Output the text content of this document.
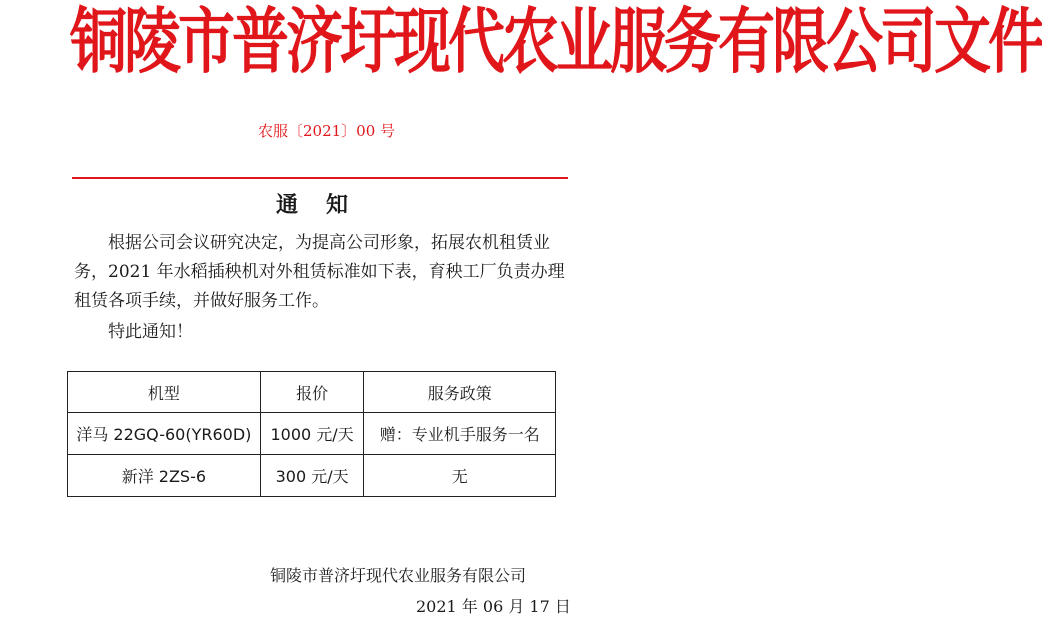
铜陵市普济圩现代农业服务有限公司文件
农服〔2021〕00 号
通知

根据公司会议研究决定，为提高公司形象，拓展农机租赁业务，2021 年水稻插秧机对外租赁标准如下表，育秧工厂负责办理租赁各项手续，并做好服务工作。

特此通知！
机型	报价	服务政策
洋马 22GQ-60(YR60D)	1000 元/天	赠：专业机手服务一名
新洋 2ZS-6	300 元/天	无
铜陵市普济圩现代农业服务有限公司
2021 年 06 月 17 日
